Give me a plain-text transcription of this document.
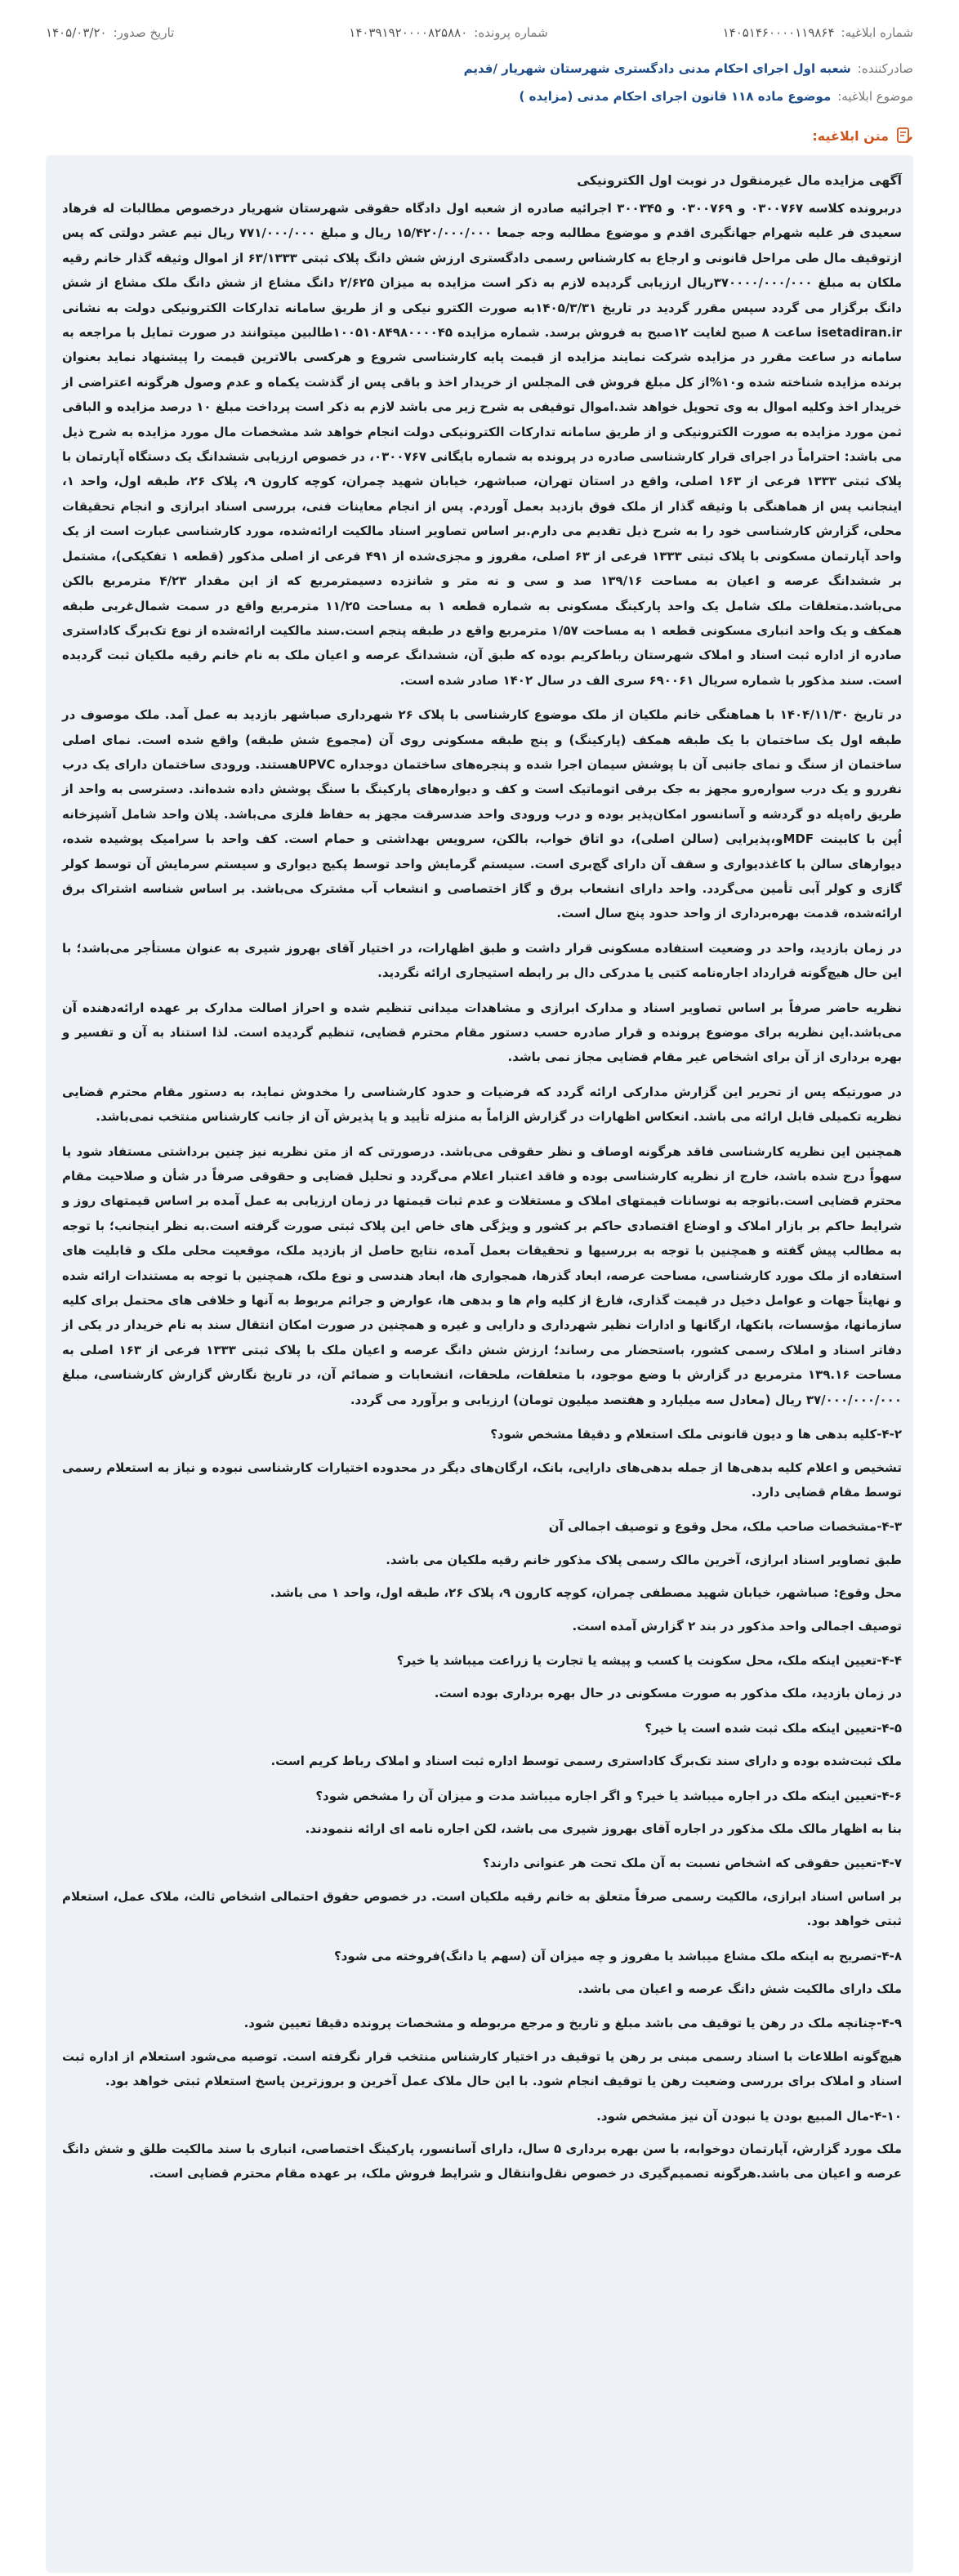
شماره ابلاغیه:
۱۴۰۵۱۴۶۰۰۰۰۱۱۹۸۶۴
شماره پرونده:
۱۴۰۳۹۱۹۲۰۰۰۰۸۲۵۸۸۰
تاریخ صدور:
۱۴۰۵/۰۳/۲۰
صادرکننده:
شعبه اول اجرای احکام مدنی دادگستری شهرستان شهریار /قدیم
موضوع ابلاغیه:
موضوع ماده ۱۱۸ قانون اجرای احکام مدنی (مزایده )
متن ابلاغیه:
آگهی مزایده مال غیرمنقول در نوبت اول الکترونیکی

دربرونده کلاسه ۰۳۰۰۷۶۷ و ۰۳۰۰۷۶۹ و ۳۰۰۳۴۵ اجرائیه صادره از شعبه اول دادگاه حقوقی شهرستان شهریار درخصوص مطالبات له فرهاد سعیدی فر علیه شهرام جهانگیری اقدم و موضوع مطالبه وجه جمعا ۱۵/۴۲۰/۰۰۰/۰۰۰ ریال و مبلغ ۷۷۱/۰۰۰/۰۰۰ ریال نیم عشر دولتی که پس ازتوقیف مال طی مراحل قانونی و ارجاع به کارشناس رسمی دادگستری ارزش شش دانگ پلاک ثبتی ۶۳/۱۳۳۳ از اموال وثیقه گذار خانم رقیه ملکان به مبلغ ۳۷۰۰۰۰/۰۰۰/۰۰۰ریال ارزیابی گردیده لازم به ذکر است مزایده به میزان ۲/۶۲۵ دانگ مشاع از شش دانگ ملک مشاع از شش دانگ برگزار می گردد سپس مقرر گردید در تاریخ ۱۴۰۵/۳/۳۱به صورت الکترو نیکی و از طریق سامانه تدارکات الکترونیکی دولت به نشانی isetadiran.ir ساعت ۸ صبح لغایت ۱۲صبح به فروش برسد. شماره مزایده ۱۰۰۵۱۰۸۴۹۸۰۰۰۰۴۵طالبین میتوانند در صورت تمایل با مراجعه به سامانه در ساعت مقرر در مزایده شرکت نمایند مزایده از قیمت پایه کارشناسی شروع و هرکسی بالاترین قیمت را پیشنهاد نماید بعنوان برنده مزایده شناخته شده و۱۰%از کل مبلغ فروش فی المجلس از خریدار اخذ و باقی پس از گذشت یکماه و عدم وصول هرگونه اعتراضی از خریدار اخذ وکلیه اموال به وی تحویل خواهد شد.اموال توقیفی به شرح زیر می باشد لازم به ذکر است پرداخت مبلغ ۱۰ درصد مزایده و الباقی ثمن مورد مزایده به صورت الکترونیکی و از طریق سامانه تدارکات الکترونیکی دولت انجام خواهد شد مشخصات مال مورد مزایده به شرح ذیل می باشد: احتراماً در اجرای قرار کارشناسی صادره در پرونده به شماره بایگانی ۰۳۰۰۷۶۷، در خصوص ارزیابی ششدانگ یک دستگاه آپارتمان با پلاک ثبتی ۱۳۳۳ فرعی از ۱۶۳ اصلی، واقع در استان تهران، صباشهر، خیابان شهید چمران، کوچه کارون ۹، پلاک ۲۶، طبقه اول، واحد ۱، اینجانب پس از هماهنگی با وثیقه گذار از ملک فوق بازدید بعمل آوردم. پس از انجام معاینات فنی، بررسی اسناد ابرازی و انجام تحقیقات محلی، گزارش کارشناسی خود را به شرح ذیل تقدیم می دارم.بر اساس تصاویر اسناد مالکیت ارائه‌شده، مورد کارشناسی عبارت است از یک واحد آپارتمان مسکونی با پلاک ثبتی ۱۳۳۳ فرعی از ۶۳ اصلی، مفروز و مجزی‌شده از ۴۹۱ فرعی از اصلی مذکور (قطعه ۱ تفکیکی)، مشتمل بر ششدانگ عرصه و اعیان به مساحت ۱۳۹/۱۶ صد و سی و نه متر و شانزده دسیمترمربع که از این مقدار ۴/۲۳ مترمربع بالکن می‌باشد.متعلقات ملک شامل یک واحد پارکینگ مسکونی به شماره قطعه ۱ به مساحت ۱۱/۲۵ مترمربع واقع در سمت شمال‌غربی طبقه همکف و یک واحد انباری مسکونی قطعه ۱ به مساحت ۱/۵۷ مترمربع واقع در طبقه پنجم است.سند مالکیت ارائه‌شده از نوع تک‌برگ کاداستری صادره از اداره ثبت اسناد و املاک شهرستان رباط‌کریم بوده که طبق آن، ششدانگ عرصه و اعیان ملک به نام خانم رقیه ملکیان ثبت گردیده است. سند مذکور با شماره سریال ۶۹۰۰۶۱ سری الف در سال ۱۴۰۲ صادر شده است.

در تاریخ ۱۴۰۴/۱۱/۳۰ با هماهنگی خانم ملکیان از ملک موضوع کارشناسی با پلاک ۲۶ شهرداری صباشهر بازدید به عمل آمد. ملک موصوف در طبقه اول یک ساختمان با یک طبقه همکف (پارکینگ) و پنج طبقه مسکونی روی آن (مجموع شش طبقه) واقع شده است. نمای اصلی ساختمان از سنگ و نمای جانبی آن با پوشش سیمان اجرا شده و پنجره‌های ساختمان دوجداره UPVCهستند. ورودی ساختمان دارای یک درب نفررو و یک درب سواره‌رو مجهز به جک برقی اتوماتیک است و کف و دیواره‌های پارکینگ با سنگ پوشش داده شده‌اند. دسترسی به واحد از طریق راه‌پله دو گردشه و آسانسور امکان‌پذیر بوده و درب ورودی واحد ضدسرقت مجهز به حفاظ فلزی می‌باشد. پلان واحد شامل آشپزخانه اُپن با کابینت MDFو،پذیرایی (سالن اصلی)، دو اتاق خواب، بالکن، سرویس بهداشتی و حمام است. کف واحد با سرامیک پوشیده شده، دیوارهای سالن با کاغذدیواری و سقف آن دارای گچ‌بری است. سیستم گرمایش واحد توسط پکیج دیواری و سیستم سرمایش آن توسط کولر گازی و کولر آبی تأمین می‌گردد. واحد دارای انشعاب برق و گاز اختصاصی و انشعاب آب مشترک می‌باشد. بر اساس شناسه اشتراک برق ارائه‌شده، قدمت بهره‌برداری از واحد حدود پنج سال است.

در زمان بازدید، واحد در وضعیت استفاده مسکونی قرار داشت و طبق اظهارات، در اختیار آقای بهروز شیری به عنوان مستأجر می‌باشد؛ با این حال هیچ‌گونه قرارداد اجاره‌نامه کتبی یا مدرکی دال بر رابطه استیجاری ارائه نگردید.

نظریه حاضر صرفاً بر اساس تصاویر اسناد و مدارک ابرازی و مشاهدات میدانی تنظیم شده و احراز اصالت مدارک بر عهده ارائه‌دهنده آن می‌باشد.این نظریه برای موضوع پرونده و قرار صادره حسب دستور مقام محترم قضایی، تنظیم گردیده است. لذا استناد به آن و تفسیر و بهره برداری از آن برای اشخاص غیر مقام قضایی مجاز نمی باشد.

در صورتیکه پس از تحریر این گزارش مدارکی ارائه گردد که فرضیات و حدود کارشناسی را مخدوش نماید، به دستور مقام محترم قضایی نظریه تکمیلی قابل ارائه می باشد. انعکاس اظهارات در گزارش الزاماً به منزله تأیید و یا پذیرش آن از جانب کارشناس منتخب نمی‌باشد.

همچنین این نظریه کارشناسی فاقد هرگونه اوصاف و نظر حقوقی می‌باشد. درصورتی که از متن نظریه نیز چنین برداشتی مستفاد شود یا سهواً درج شده باشد، خارج از نظریه کارشناسی بوده و فاقد اعتبار اعلام می‌گردد و تحلیل قضایی و حقوقی صرفاً در شأن و صلاحیت مقام محترم قضایی است.باتوجه به نوسانات قیمتهای املاک و مستغلات و عدم ثبات قیمتها در زمان ارزیابی به عمل آمده بر اساس قیمتهای روز و شرایط حاکم بر بازار املاک و اوضاع اقتصادی حاکم بر کشور و ویژگی های خاص این پلاک ثبتی صورت گرفته است.به نظر اینجانب؛ با توجه به مطالب پیش گفته و همچنین با توجه به بررسیها و تحقیقات بعمل آمده، نتایج حاصل از بازدید ملک، موقعیت محلی ملک و قابلیت های استفاده از ملک مورد کارشناسی، مساحت عرصه، ابعاد گذرها، همجواری ها، ابعاد هندسی و نوع ملک، همچنین با توجه به مستندات ارائه شده و نهایتاً جهات و عوامل دخیل در قیمت گذاری، فارغ از کلیه وام ها و بدهی ها، عوارض و جرائم مربوط به آنها و خلافی های محتمل برای کلیه سازمانها، مؤسسات، بانکها، ارگانها و ادارات نظیر شهرداری و دارایی و غیره و همچنین در صورت امکان انتقال سند به نام خریدار در یکی از دفاتر اسناد و املاک رسمی کشور، باستحضار می رساند؛ ارزش شش دانگ عرصه و اعیان ملک با پلاک ثبتی ۱۳۳۳ فرعی از ۱۶۳ اصلی به مساحت ۱۳۹.۱۶ مترمربع در گزارش با وضع موجود، با متعلقات، ملحقات، انشعابات و ضمائم آن، در تاریخ نگارش گزارش کارشناسی، مبلغ ۳۷/۰۰۰/۰۰۰/۰۰۰ ریال (معادل سه میلیارد و هفتصد میلیون تومان) ارزیابی و برآورد می گردد.

۴-۲-کلیه بدهی ها و دیون قانونی ملک استعلام و دقیقا مشخص شود؟

تشخیص و اعلام کلیه بدهی‌ها از جمله بدهی‌های دارایی، بانک، ارگان‌های دیگر در محدوده اختیارات کارشناسی نبوده و نیاز به استعلام رسمی توسط مقام قضایی دارد.

۴-۳-مشخصات صاحب ملک، محل وقوع و توصیف اجمالی آن

طبق تصاویر اسناد ابرازی، آخرین مالک رسمی پلاک مذکور خانم رقیه ملکیان می باشد.

محل وقوع: صباشهر، خیابان شهید مصطفی چمران، کوچه کارون ۹، پلاک ۲۶، طبقه اول، واحد ۱ می باشد.

توصیف اجمالی واحد مذکور در بند ۲ گزارش آمده است.

۴-۴-تعیین اینکه ملک، محل سکونت یا کسب و پیشه یا تجارت یا زراعت میباشد یا خیر؟

در زمان بازدید، ملک مذکور به صورت مسکونی در حال بهره برداری بوده است.

۴-۵-تعیین اینکه ملک ثبت شده است یا خیر؟

ملک ثبت‌شده بوده و دارای سند تک‌برگ کاداستری رسمی توسط اداره ثبت اسناد و املاک رباط کریم است.

۴-۶-تعیین اینکه ملک در اجاره میباشد یا خیر؟ و اگر اجاره میباشد مدت و میزان آن را مشخص شود؟

بنا به اظهار مالک ملک مذکور در اجاره آقای بهروز شیری می باشد، لکن اجاره نامه ای ارائه ننمودند.

۴-۷-تعیین حقوقی که اشخاص نسبت به آن ملک تحت هر عنوانی دارند؟

بر اساس اسناد ابرازی، مالکیت رسمی صرفاً متعلق به خانم رقیه ملکیان است. در خصوص حقوق احتمالی اشخاص ثالث، ملاک عمل، استعلام ثبتی خواهد بود.

۴-۸-تصریح به اینکه ملک مشاع میباشد یا مفروز و چه میزان آن (سهم یا دانگ)فروخته می شود؟

ملک دارای مالکیت شش دانگ عرصه و اعیان می باشد.

۴-۹-چنانچه ملک در رهن یا توقیف می باشد مبلغ و تاریخ و مرجع مربوطه و مشخصات پرونده دقیقا تعیین شود.

هیچ‌گونه اطلاعات با اسناد رسمی مبنی بر رهن یا توقیف در اختیار کارشناس منتخب قرار نگرفته است. توصیه می‌شود استعلام از اداره ثبت اسناد و املاک برای بررسی وضعیت رهن یا توقیف انجام شود. با این حال ملاک عمل آخرین و بروزترین پاسخ استعلام ثبتی خواهد بود.

۴-۱۰-مال المبیع بودن یا نبودن آن نیز مشخص شود.

ملک مورد گزارش، آپارتمان دوخوابه، با سن بهره برداری ۵ سال، دارای آسانسور، پارکینگ اختصاصی، انباری با سند مالکیت طلق و شش دانگ عرصه و اعیان می باشد.هرگونه تصمیم‌گیری در خصوص نقل‌وانتقال و شرایط فروش ملک، بر عهده مقام محترم قضایی است.
